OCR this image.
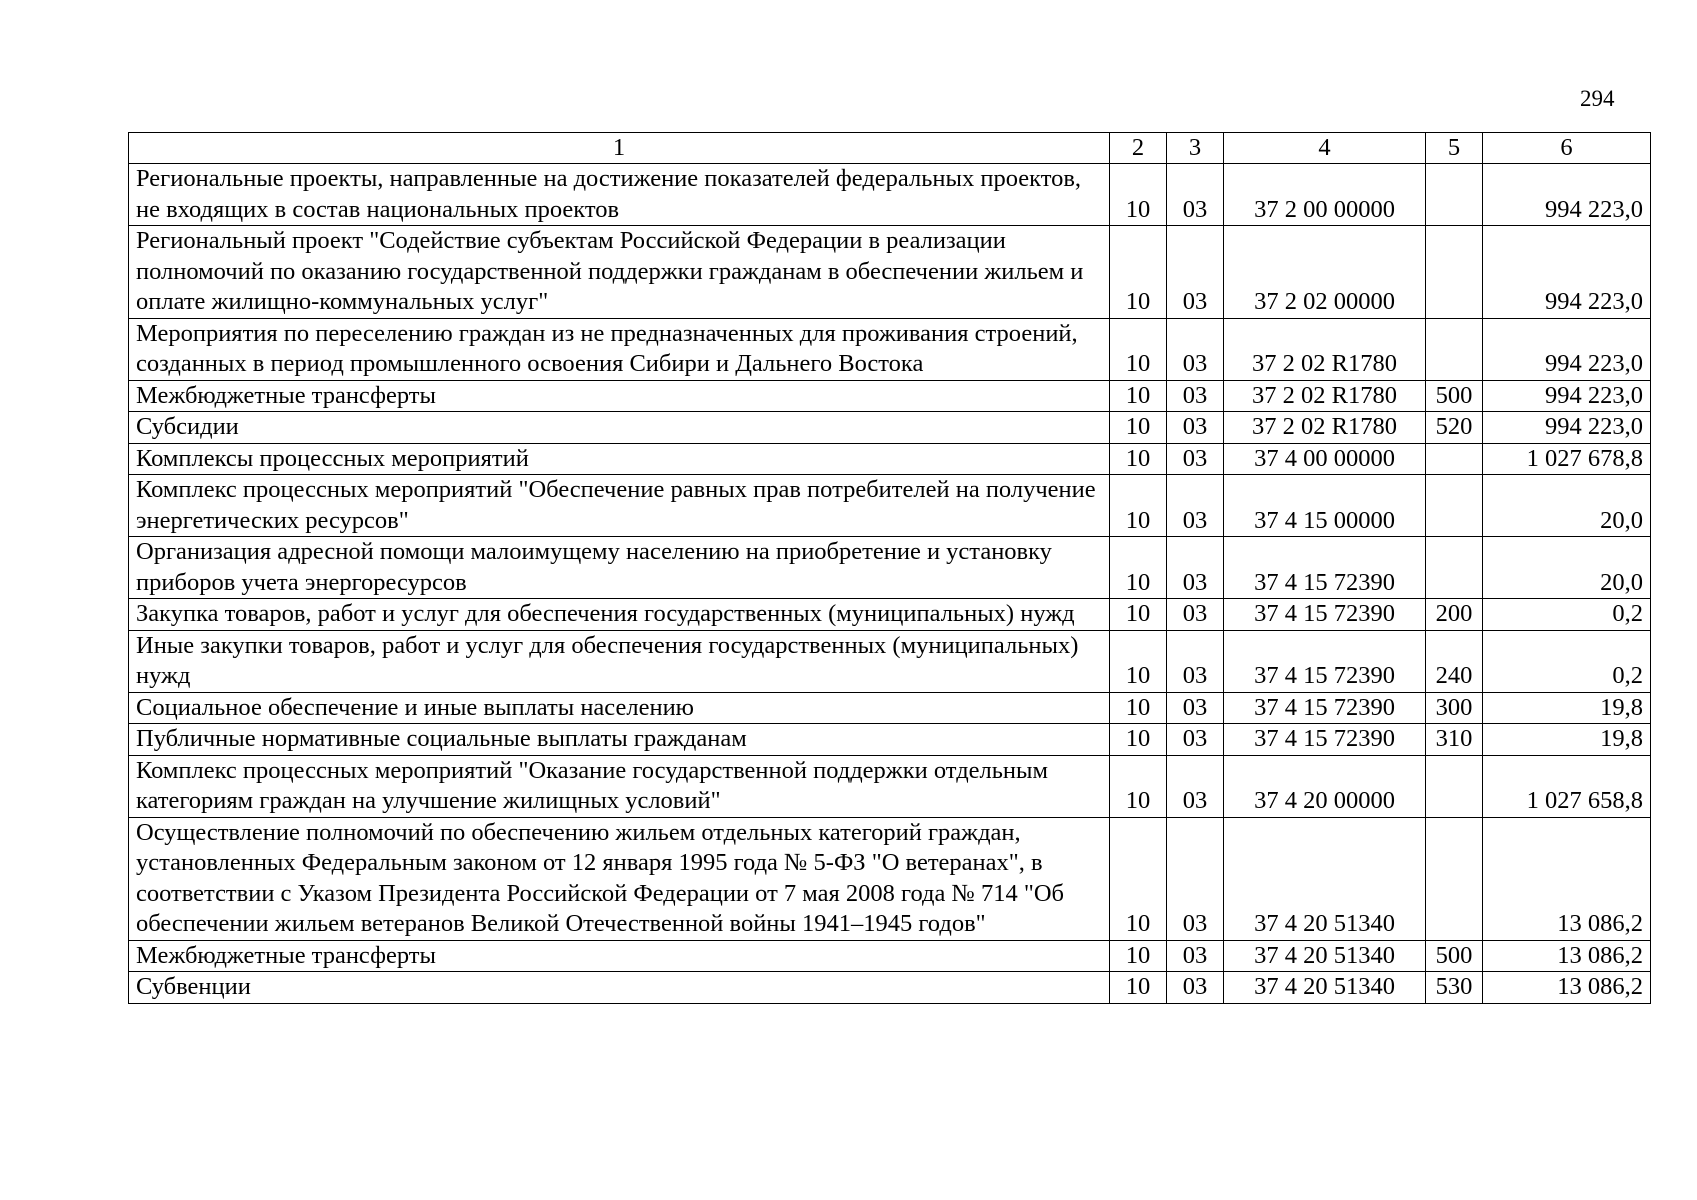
294
1	2	3	4	5	6
Региональные проекты, направленные на достижение показателей федеральных проектов, не входящих в состав национальных проектов	10	03	37 2 00 00000		994 223,0
Региональный проект "Содействие субъектам Российской Федерации в реализации полномочий по оказанию государственной поддержки гражданам в обеспечении жильем и оплате жилищно-коммунальных услуг"	10	03	37 2 02 00000		994 223,0
Мероприятия по переселению граждан из не предназначенных для проживания строений, созданных в период промышленного освоения Сибири и Дальнего Востока	10	03	37 2 02 R1780		994 223,0
Межбюджетные трансферты	10	03	37 2 02 R1780	500	994 223,0
Субсидии	10	03	37 2 02 R1780	520	994 223,0
Комплексы процессных мероприятий	10	03	37 4 00 00000		1 027 678,8
Комплекс процессных мероприятий "Обеспечение равных прав потребителей на получение энергетических ресурсов"	10	03	37 4 15 00000		20,0
Организация адресной помощи малоимущему населению на приобретение и установку приборов учета энергоресурсов	10	03	37 4 15 72390		20,0
Закупка товаров, работ и услуг для обеспечения государственных (муниципальных) нужд	10	03	37 4 15 72390	200	0,2
Иные закупки товаров, работ и услуг для обеспечения государственных (муниципальных) нужд	10	03	37 4 15 72390	240	0,2
Социальное обеспечение и иные выплаты населению	10	03	37 4 15 72390	300	19,8
Публичные нормативные социальные выплаты гражданам	10	03	37 4 15 72390	310	19,8
Комплекс процессных мероприятий "Оказание государственной поддержки отдельным категориям граждан на улучшение жилищных условий"	10	03	37 4 20 00000		1 027 658,8
Осуществление полномочий по обеспечению жильем отдельных категорий граждан, установленных Федеральным законом от 12 января 1995 года № 5-ФЗ "О ветеранах", в соответствии с Указом Президента Российской Федерации от 7 мая 2008 года № 714 "Об обеспечении жильем ветеранов Великой Отечественной войны 1941–1945 годов"	10	03	37 4 20 51340		13 086,2
Межбюджетные трансферты	10	03	37 4 20 51340	500	13 086,2
Субвенции	10	03	37 4 20 51340	530	13 086,2
